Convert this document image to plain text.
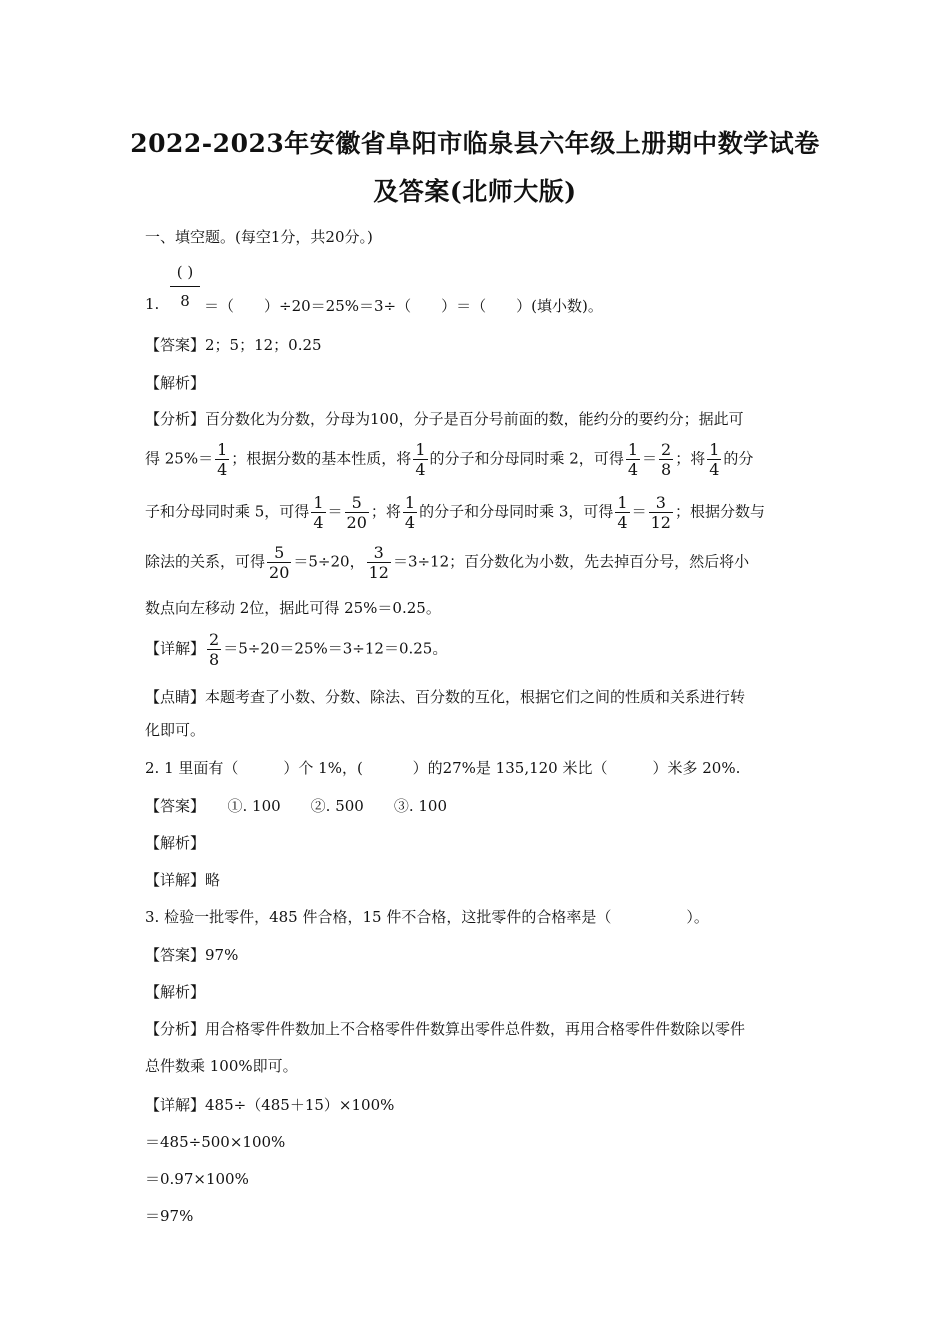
2022-2023年安徽省阜阳市临泉县六年级上册期中数学试卷
及答案(北师大版)
一、填空题。(每空1分，共20分。)
( )
1.	8 ＝（　　）÷20＝25%＝3÷（　　）＝（　　）(填小数)。
【答案】2；5；12；0.25
【解析】
【分析】百分数化为分数，分母为100，分子是百分号前面的数，能约分的要约分；据此可
得 $25\%= \frac{1}{4}$ ；根据分数的基本性质，将 $\frac{1}{4}$ 的分子和分母同时乘 2，可得 $\frac{1}{4} = \frac{2}{8}$ ；将 $\frac{1}{4}$ 的分
子和分母同时乘 5，可得 $\frac{1}{4} = \frac{5}{20}$ ；将 $\frac{1}{4}$ 的分子和分母同时乘 3，可得 $\frac{1}{4} = \frac{3}{12}$ ；根据分数与
除法的关系，可得 $\frac{5}{20} =5\div 20$， $\frac{3}{12} =3\div 12$；百分数化为小数，先去掉百分号，然后将小
数点向左移动 2位，据此可得 25%＝0.25。
【详解】 $\frac{2}{8} =5\div 20=25\%=3\div 12=0.25$。
【点睛】本题考查了小数、分数、除法、百分数的互化，根据它们之间的性质和关系进行转
化即可。
2. 1 里面有（　　　）个 1%，(　　　 ）的27%是 135,120 米比（　　　）米多 20%.
【答案】　　①. 100　　②. 500　　③. 100
【解析】
【详解】略
3. 检验一批零件，485 件合格，15 件不合格，这批零件的合格率是（　　　　　）。
【答案】97%
【解析】
【分析】用合格零件件数加上不合格零件件数算出零件总件数，再用合格零件件数除以零件
总件数乘 100%即可。
【详解】485÷（485＋15）×100%
＝485÷500×100%
＝0.97×100%
＝97%
